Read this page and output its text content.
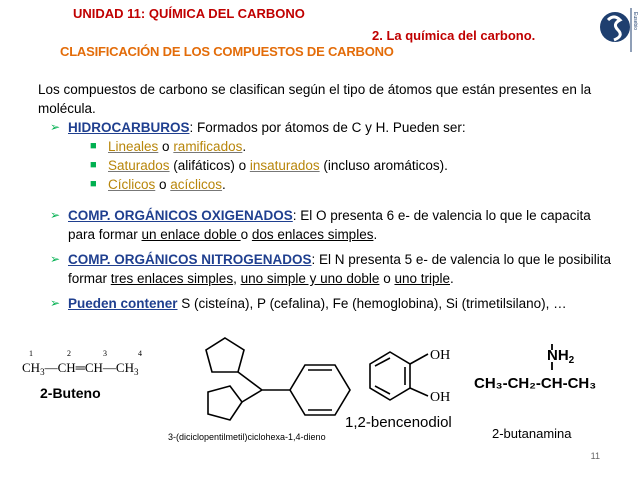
UNIDAD 11: QUÍMICA DEL CARBONO
2. La química del carbono.
CLASIFICACIÓN DE LOS COMPUESTOS DE CARBONO
Eusebio
Los compuestos de carbono se clasifican según el tipo de átomos que están presentes en la molécula.
➢ HIDROCARBUROS: Formados por átomos de C y H. Pueden ser:
■ Lineales o ramificados.
■ Saturados (alifáticos) o insaturados (incluso aromáticos).
■ Cíclicos o acíclicos.
➢ COMP. ORGÁNICOS OXIGENADOS: El O presenta 6 e- de valencia lo que le capacita para formar un enlace doble o dos enlaces simples.
➢ COMP. ORGÁNICOS NITROGENADOS: El N presenta 5 e- de valencia lo que le posibilita formar tres enlaces simples, uno simple y uno doble o uno triple.
➢ Pueden contener S (cisteína), P (cefalina), Fe (hemoglobina), Si (trimetilsilano), …
1	2	3	4
$CH_3—CH═CH—CH_3$
2-Buteno
3-(diciclopentilmetil)ciclohexa-1,4-dieno
OH
OH
1,2-bencenodiol
$NH_2$
CH₃-CH₂-CH-CH₃
2-butanamina
11
